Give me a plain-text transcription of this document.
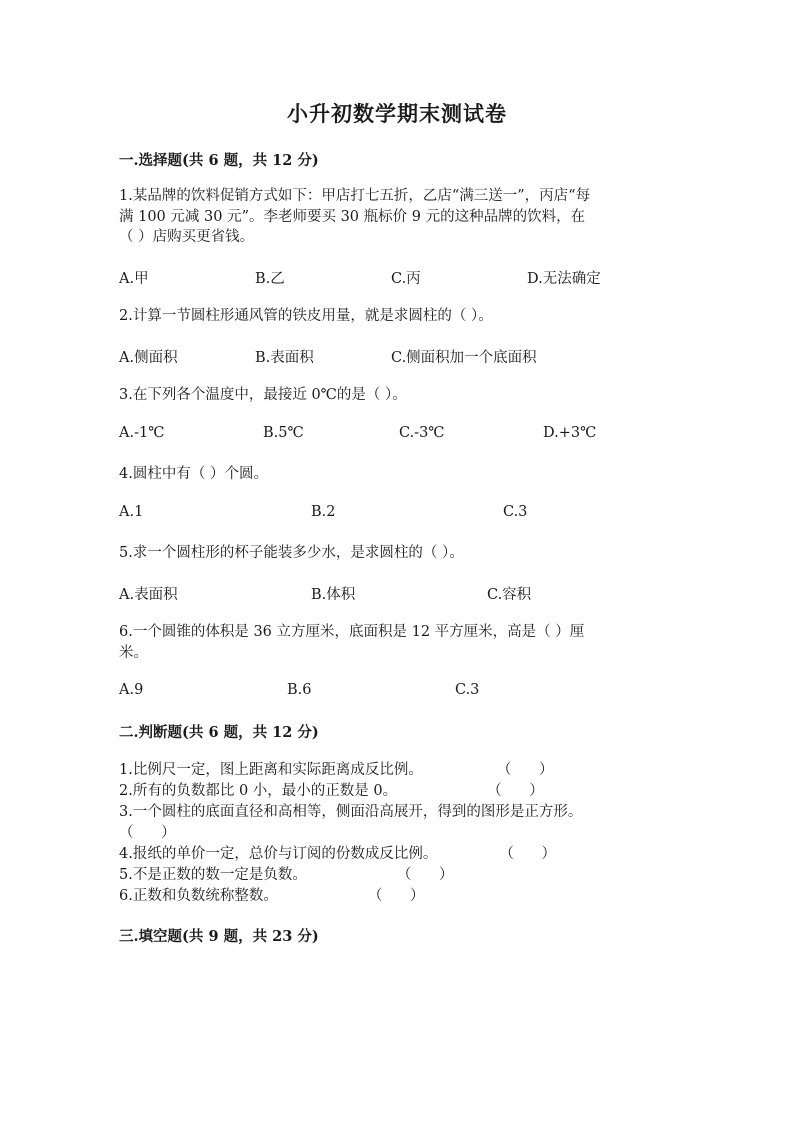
小升初数学期末测试卷
一.选择题(共 6 题，共 12 分)
1.某品牌的饮料促销方式如下：甲店打七五折，乙店“满三送一”，丙店“每
满 100 元减 30 元”。李老师要买 30 瓶标价 9 元的这种品牌的饮料，在
（ ）店购买更省钱。
A.甲	B.乙	C.丙	D.无法确定
2.计算一节圆柱形通风管的铁皮用量，就是求圆柱的（ ）。
A.侧面积	B.表面积	C.侧面积加一个底面积
3.在下列各个温度中，最接近 0℃的是（ ）。
A.-1℃	B.5℃	C.-3℃	D.+3℃
4.圆柱中有（ ）个圆。
A.1	B.2	C.3
5.求一个圆柱形的杯子能装多少水，是求圆柱的（ ）。
A.表面积	B.体积	C.容积
6.一个圆锥的体积是 36 立方厘米，底面积是 12 平方厘米，高是（ ）厘
米。
A.9	B.6	C.3
二.判断题(共 6 题，共 12 分)
1.比例尺一定，图上距离和实际距离成反比例。	（      ）
2.所有的负数都比 0 小，最小的正数是 0。	（      ）
3.一个圆柱的底面直径和高相等，侧面沿高展开，得到的图形是正方形。
（      ）
4.报纸的单价一定，总价与订阅的份数成反比例。	（      ）
5.不是正数的数一定是负数。	（      ）
6.正数和负数统称整数。	（      ）
三.填空题(共 9 题，共 23 分)
